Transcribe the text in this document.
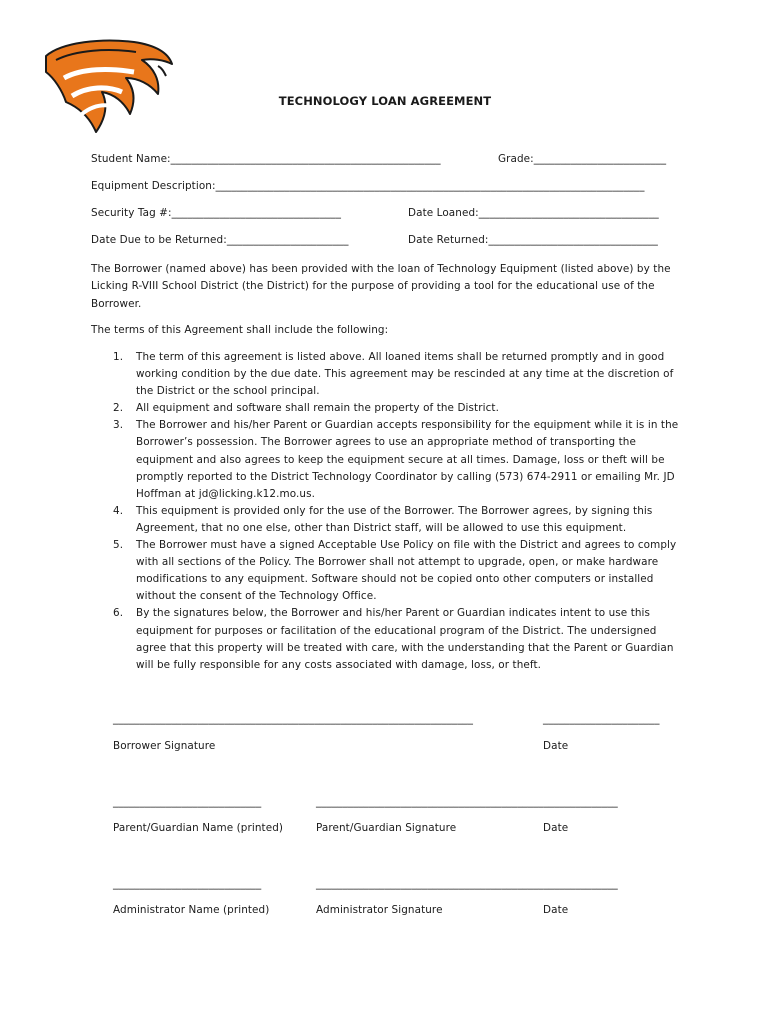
TECHNOLOGY LOAN AGREEMENT
Student Name:___________________________________________________	Grade:_________________________
Equipment Description:_________________________________________________________________________________
Security Tag #:________________________________	Date Loaned:__________________________________
Date Due to be Returned:_______________________	Date Returned:________________________________
The Borrower (named above) has been provided with the loan of Technology Equipment (listed above) by the Licking R-VIII School District (the District) for the purpose of providing a tool for the educational use of the Borrower.
The terms of this Agreement shall include the following:
1. The term of this agreement is listed above. All loaned items shall be returned promptly and in good working condition by the due date. This agreement may be rescinded at any time at the discretion of the District or the school principal.
2. All equipment and software shall remain the property of the District.
3. The Borrower and his/her Parent or Guardian accepts responsibility for the equipment while it is in the Borrower’s possession. The Borrower agrees to use an appropriate method of transporting the equipment and also agrees to keep the equipment secure at all times. Damage, loss or theft will be promptly reported to the District Technology Coordinator by calling (573) 674-2911 or emailing Mr. JD Hoffman at jd@licking.k12.mo.us.
4. This equipment is provided only for the use of the Borrower. The Borrower agrees, by signing this Agreement, that no one else, other than District staff, will be allowed to use this equipment.
5. The Borrower must have a signed Acceptable Use Policy on file with the District and agrees to comply with all sections of the Policy. The Borrower shall not attempt to upgrade, open, or make hardware modifications to any equipment. Software should not be copied onto other computers or installed without the consent of the Technology Office.
6. By the signatures below, the Borrower and his/her Parent or Guardian indicates intent to use this equipment for purposes or facilitation of the educational program of the District. The undersigned agree that this property will be treated with care, with the understanding that the Parent or Guardian will be fully responsible for any costs associated with damage, loss, or theft.
____________________________________________________________________	______________________
Borrower Signature	Date
____________________________	_________________________________________________________
Parent/Guardian Name (printed)	Parent/Guardian Signature	Date
____________________________	_________________________________________________________
Administrator Name (printed)	Administrator Signature	Date
